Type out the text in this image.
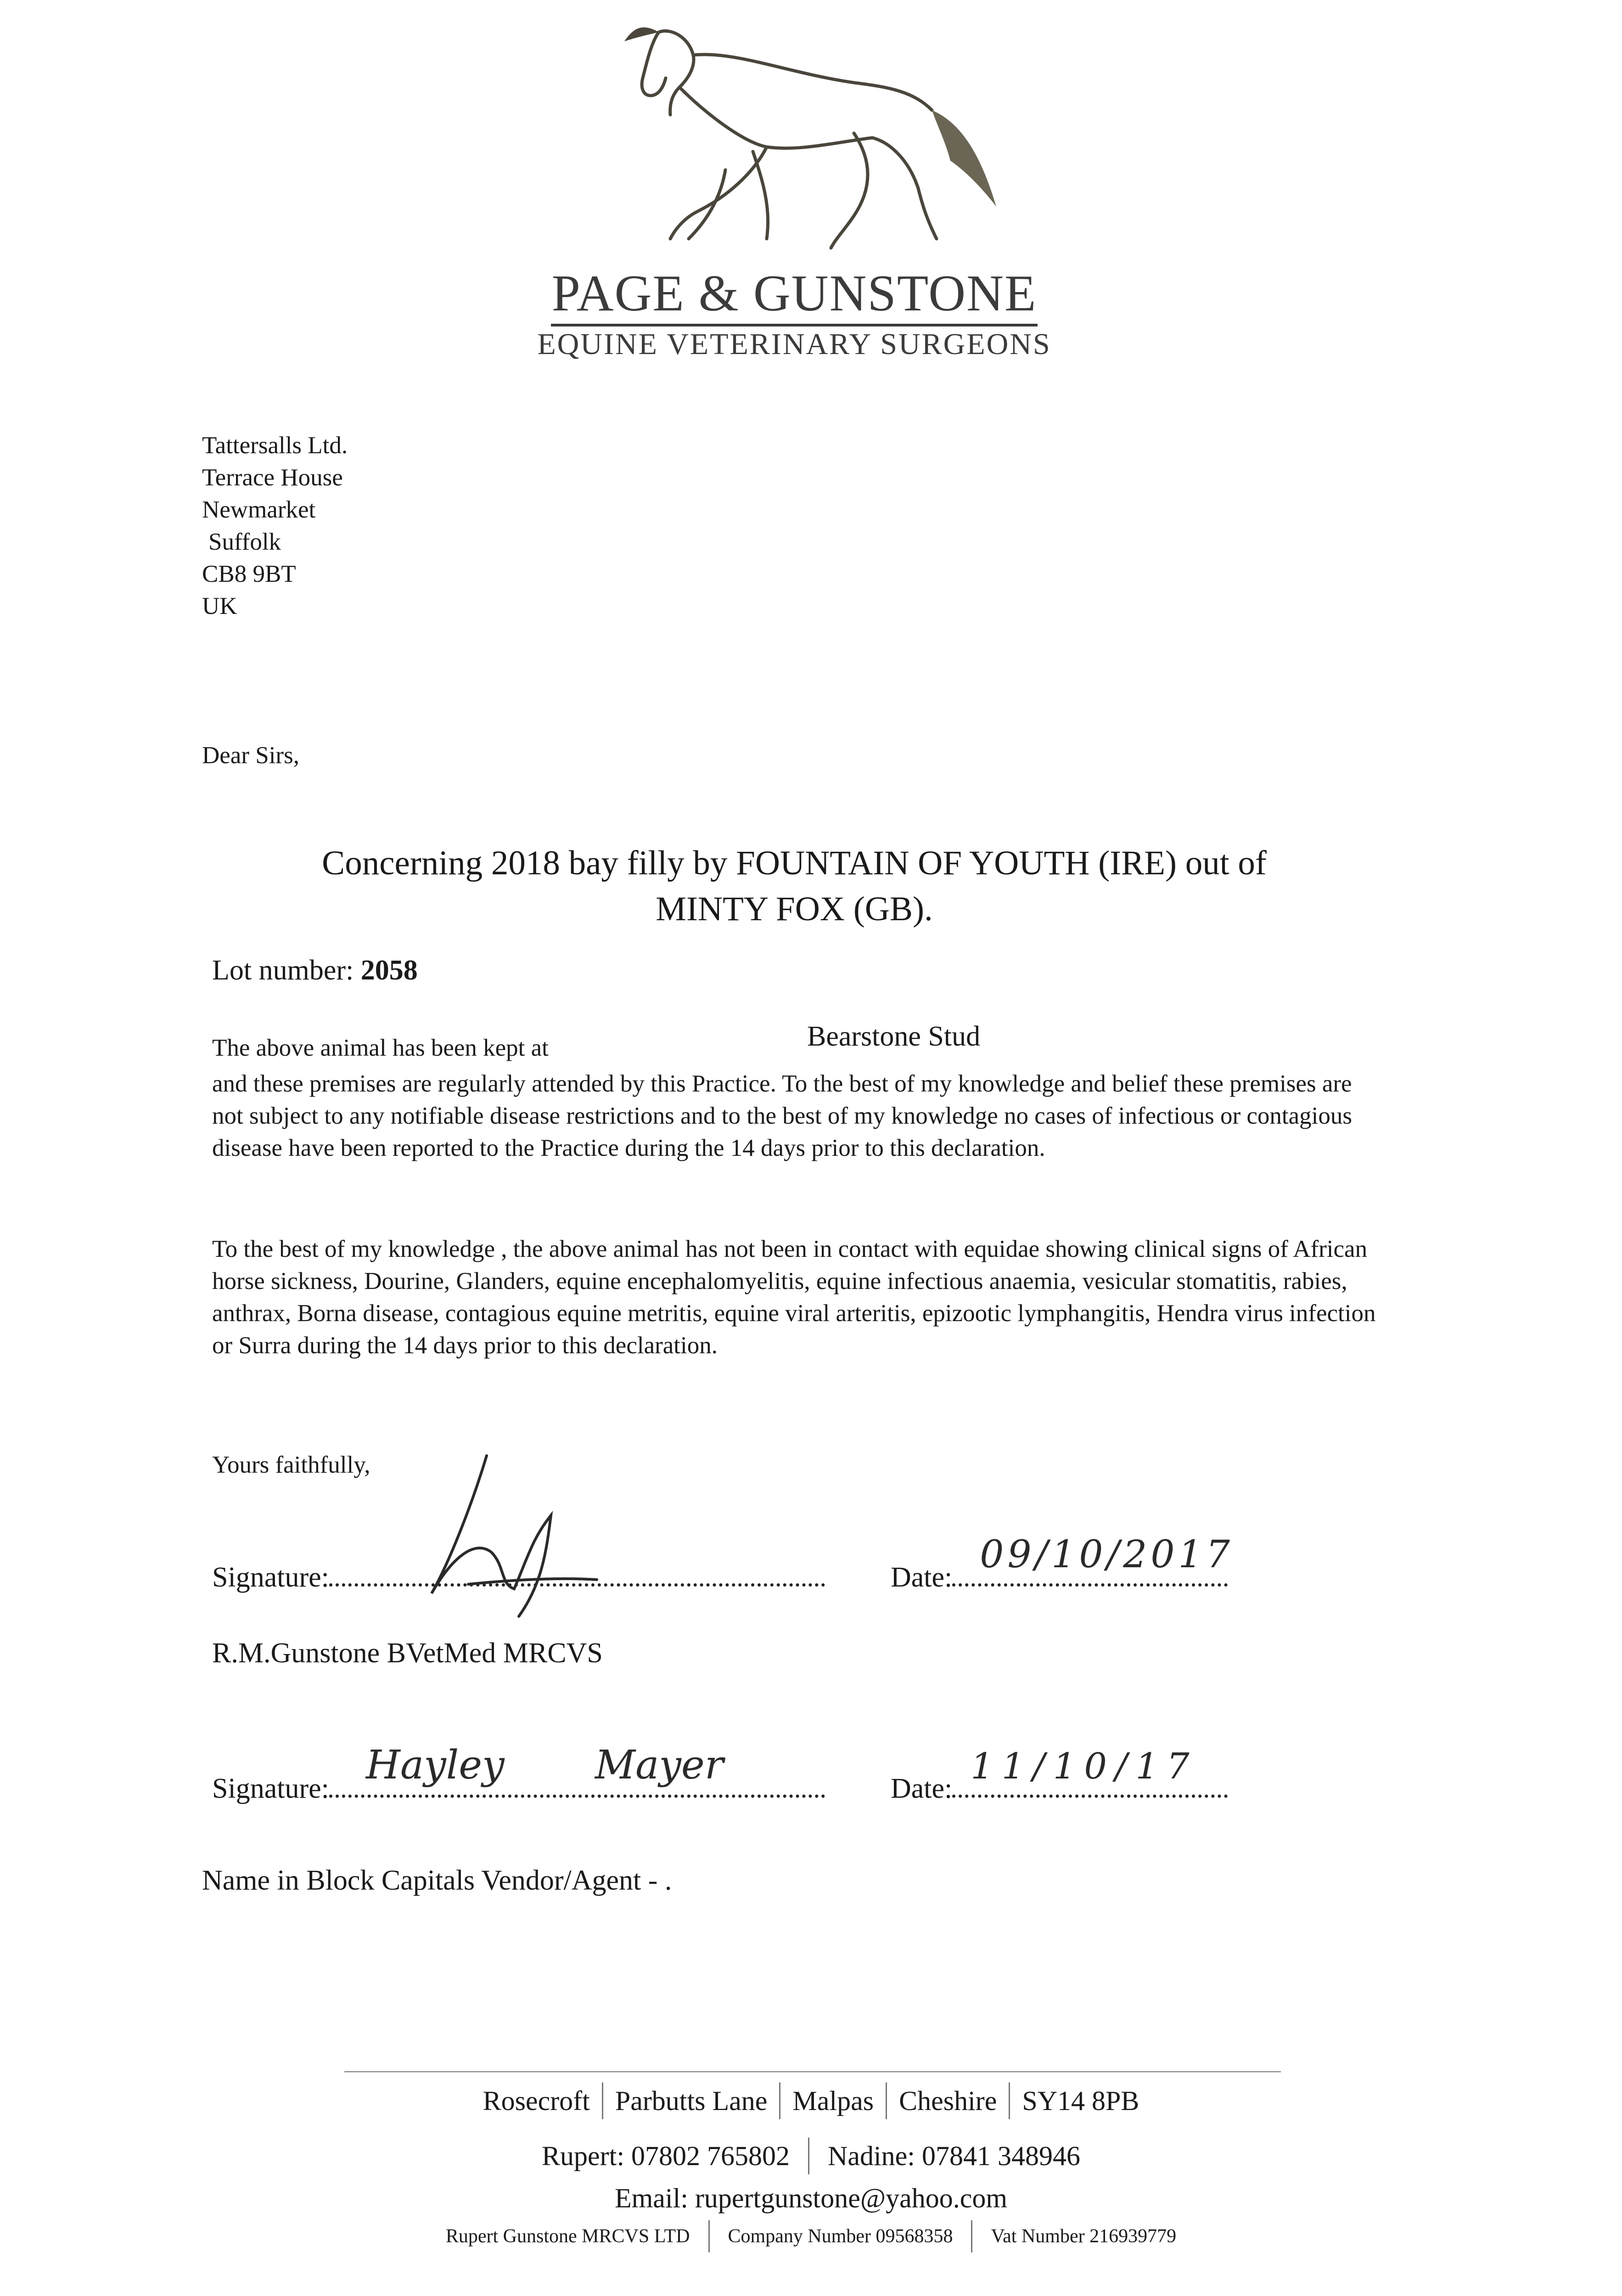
PAGE & GUNSTONE
EQUINE VETERINARY SURGEONS
Tattersalls Ltd.
Terrace House
Newmarket
Suffolk
CB8 9BT
UK
Dear Sirs,
Concerning 2018 bay filly by FOUNTAIN OF YOUTH (IRE) out of
MINTY FOX (GB).
Lot number: 2058
The above animal has been kept at	Bearstone Stud
and these premises are regularly attended by this Practice. To the best of my knowledge and belief these premises are not subject to any notifiable disease restrictions and to the best of my knowledge no cases of infectious or contagious disease have been reported to the Practice during the 14 days prior to this declaration.
To the best of my knowledge , the above animal has not been in contact with equidae showing clinical signs of African horse sickness, Dourine, Glanders, equine encephalomyelitis, equine infectious anaemia, vesicular stomatitis, rabies, anthrax, Borna disease, contagious equine metritis, equine viral arteritis, epizootic lymphangitis, Hendra virus infection or Surra during the 14 days prior to this declaration.
Yours faithfully,
Signature:	Date:
09/10/2017
R.M.Gunstone BVetMed MRCVS
Signature:
Hayley Mayer
Date:
11/10/17
Name in Block Capitals Vendor/Agent - .
Rosecroft Parbutts Lane Malpas Cheshire SY14 8PB
Rupert: 07802 765802 Nadine: 07841 348946
Email: rupertgunstone@yahoo.com
Rupert Gunstone MRCVS LTD Company Number 09568358 Vat Number 216939779
